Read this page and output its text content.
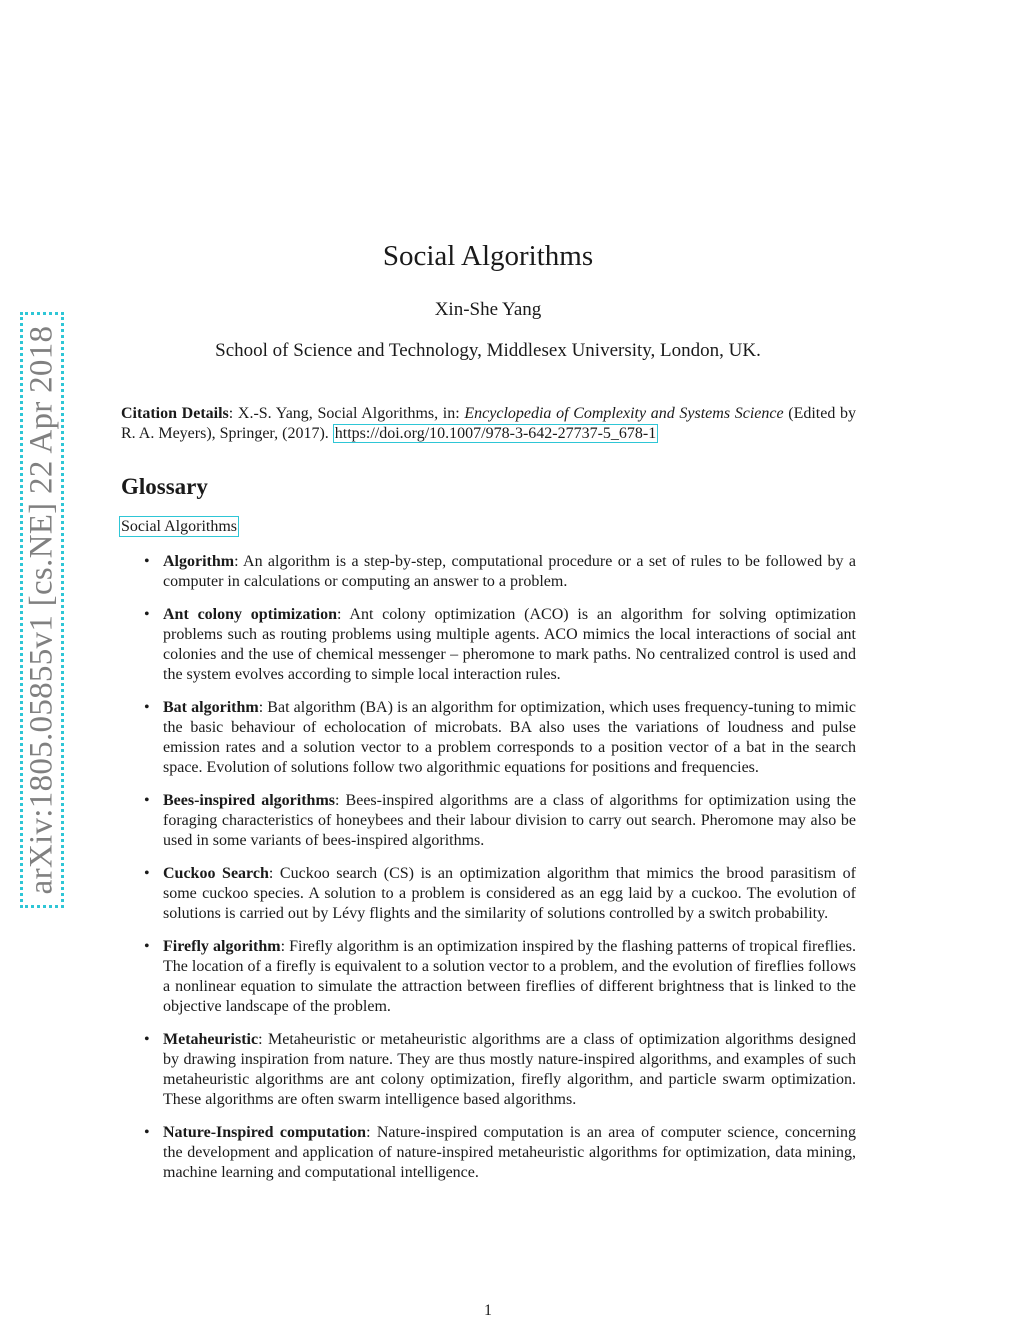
arXiv:1805.05855v1 [cs.NE] 22 Apr 2018
Social Algorithms
Xin-She Yang
School of Science and Technology, Middlesex University, London, UK.
Citation Details: X.-S. Yang, Social Algorithms, in: Encyclopedia of Complexity and Systems Science (Edited by R. A. Meyers), Springer, (2017). https://doi.org/10.1007/978-3-642-27737-5_678-1
Glossary
Social Algorithms
• Algorithm: An algorithm is a step-by-step, computational procedure or a set of rules to be followed by a computer in calculations or computing an answer to a problem.
• Ant colony optimization: Ant colony optimization (ACO) is an algorithm for solving optimization problems such as routing problems using multiple agents. ACO mimics the local interactions of social ant colonies and the use of chemical messenger – pheromone to mark paths. No centralized control is used and the system evolves according to simple local interaction rules.
• Bat algorithm: Bat algorithm (BA) is an algorithm for optimization, which uses frequency-tuning to mimic the basic behaviour of echolocation of microbats. BA also uses the variations of loudness and pulse emission rates and a solution vector to a problem corresponds to a position vector of a bat in the search space. Evolution of solutions follow two algorithmic equations for positions and frequencies.
• Bees-inspired algorithms: Bees-inspired algorithms are a class of algorithms for optimization using the foraging characteristics of honeybees and their labour division to carry out search. Pheromone may also be used in some variants of bees-inspired algorithms.
• Cuckoo Search: Cuckoo search (CS) is an optimization algorithm that mimics the brood parasitism of some cuckoo species. A solution to a problem is considered as an egg laid by a cuckoo. The evolution of solutions is carried out by Lévy flights and the similarity of solutions controlled by a switch probability.
• Firefly algorithm: Firefly algorithm is an optimization inspired by the flashing patterns of tropical fireflies. The location of a firefly is equivalent to a solution vector to a problem, and the evolution of fireflies follows a nonlinear equation to simulate the attraction between fireflies of different brightness that is linked to the objective landscape of the problem.
• Metaheuristic: Metaheuristic or metaheuristic algorithms are a class of optimization algorithms designed by drawing inspiration from nature. They are thus mostly nature-inspired algorithms, and examples of such metaheuristic algorithms are ant colony optimization, firefly algorithm, and particle swarm optimization. These algorithms are often swarm intelligence based algorithms.
• Nature-Inspired computation: Nature-inspired computation is an area of computer science, concerning the development and application of nature-inspired metaheuristic algorithms for optimization, data mining, machine learning and computational intelligence.
1
